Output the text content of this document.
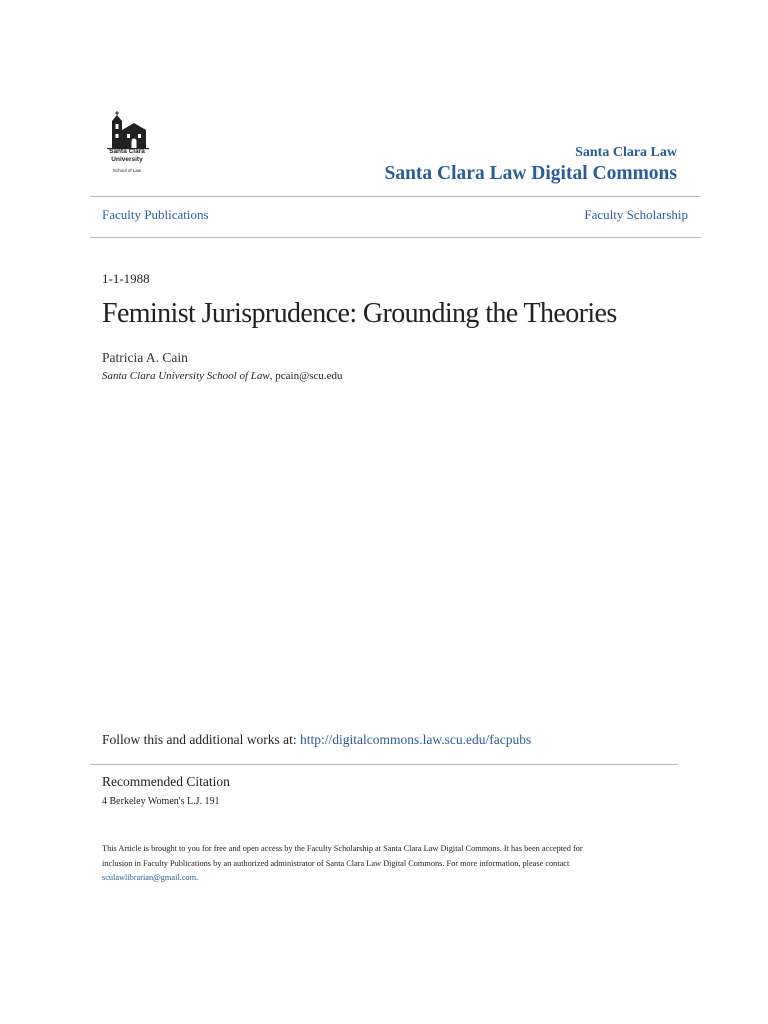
Santa Clara
University
School of Law
Santa Clara Law
Santa Clara Law Digital Commons
Faculty Publications	Faculty Scholarship
1-1-1988
Feminist Jurisprudence: Grounding the Theories
Patricia A. Cain
Santa Clara University School of Law, pcain@scu.edu
Follow this and additional works at: http://digitalcommons.law.scu.edu/facpubs
Recommended Citation
4 Berkeley Women's L.J. 191
This Article is brought to you for free and open access by the Faculty Scholarship at Santa Clara Law Digital Commons. It has been accepted for
inclusion in Faculty Publications by an authorized administrator of Santa Clara Law Digital Commons. For more information, please contact
sculawlibrarian@gmail.com.
